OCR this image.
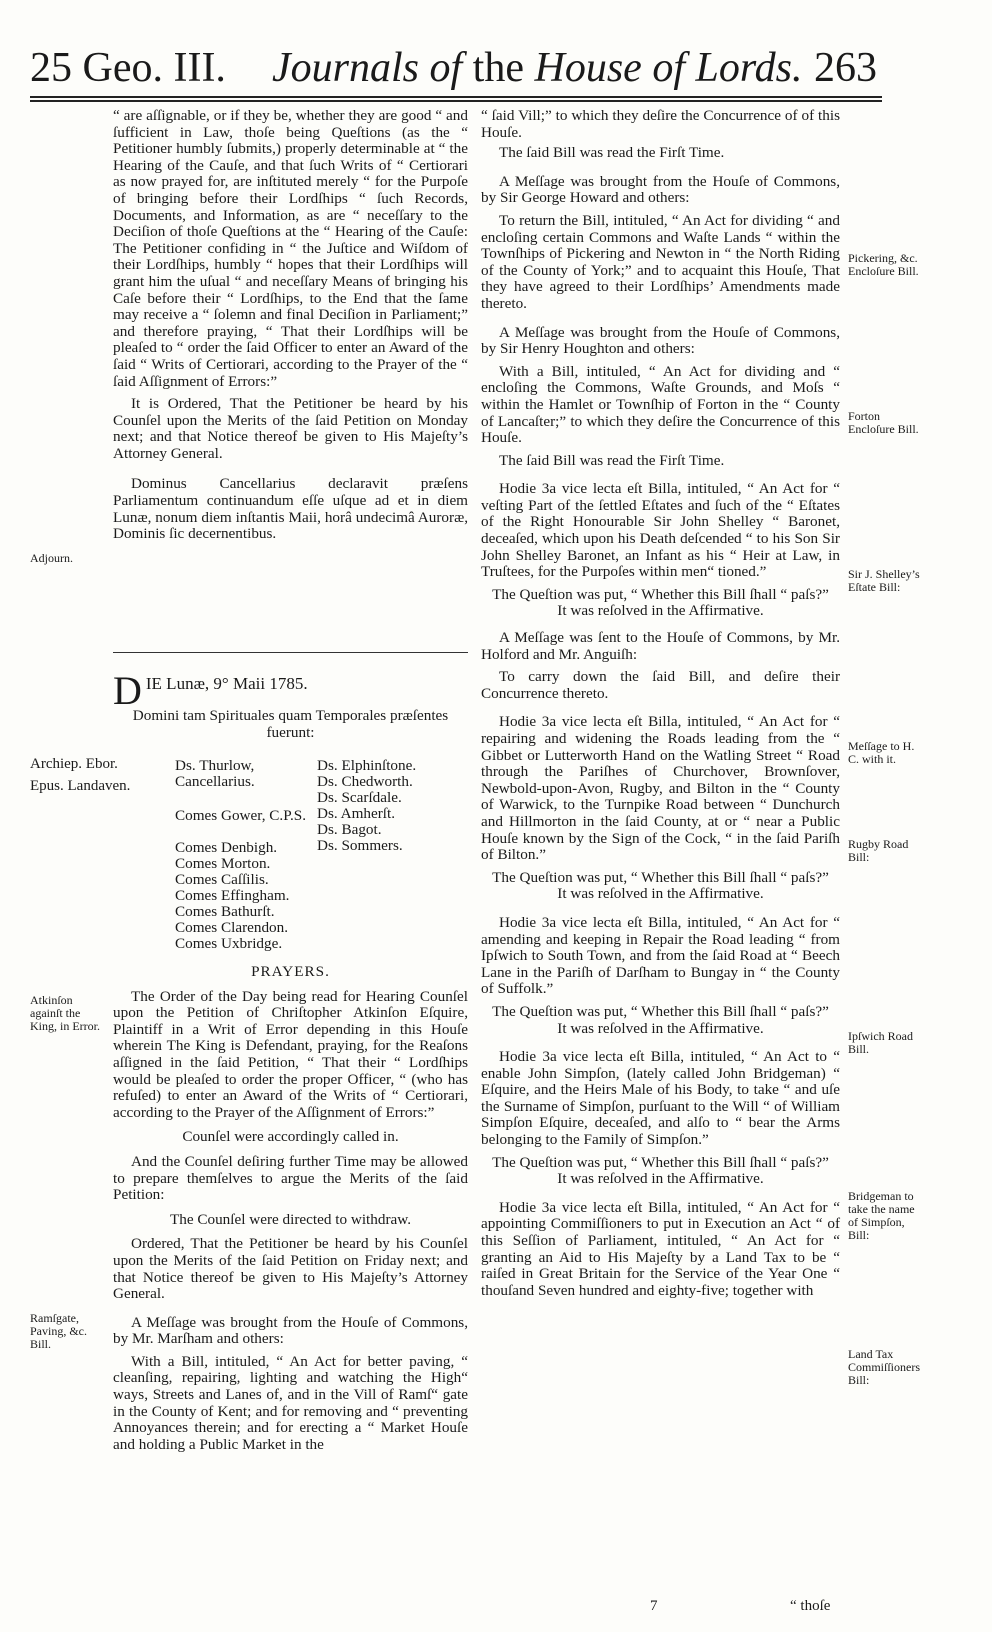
25 Geo. III. Journals of the House of Lords. 263

“ are aſſignable, or if they be, whether they are good “ and ſufficient in Law, thoſe being Queſtions (as the “ Petitioner humbly ſubmits,) properly determinable at “ the Hearing of the Cauſe, and that ſuch Writs of “ Certiorari as now prayed for, are inſtituted merely “ for the Purpoſe of bringing before their Lordſhips “ ſuch Records, Documents, and Information, as are “ neceſſary to the Deciſion of thoſe Queſtions at the “ Hearing of the Cauſe: The Petitioner confiding in “ the Juſtice and Wiſdom of their Lordſhips, humbly “ hopes that their Lordſhips will grant him the uſual “ and neceſſary Means of bringing his Caſe before their “ Lordſhips, to the End that the ſame may receive a “ ſolemn and final Deciſion in Parliament;” and therefore praying, “ That their Lordſhips will be pleaſed to “ order the ſaid Officer to enter an Award of the ſaid “ Writs of Certiorari, according to the Prayer of the “ ſaid Aſſignment of Errors:”

It is Ordered, That the Petitioner be heard by his Counſel upon the Merits of the ſaid Petition on Monday next; and that Notice thereof be given to His Majeſty’s Attorney General.

Dominus Cancellarius declaravit præſens Parliamentum continuandum eſſe uſque ad et in diem Lunæ, nonum diem inſtantis Maii, horâ undecimâ Auroræ, Dominis ſic decernentibus.

DIE Lunæ, 9° Maii 1785.

Domini tam Spirituales quam Temporales præſentes fuerunt:

Archiep. Ebor.
Epus. Landaven.
Ds. Thurlow, Cancellarius.
Comes Gower, C.P.S.
Comes Denbigh.
Comes Morton.
Comes Caſſilis.
Comes Effingham.
Comes Bathurſt.
Comes Clarendon.
Comes Uxbridge.
Ds. Elphinſtone.
Ds. Chedworth.
Ds. Scarſdale.
Ds. Amherſt.
Ds. Bagot.
Ds. Sommers.

PRAYERS.

The Order of the Day being read for Hearing Counſel upon the Petition of Chriſtopher Atkinſon Eſquire, Plaintiff in a Writ of Error depending in this Houſe wherein The King is Defendant, praying, for the Reaſons aſſigned in the ſaid Petition, “ That their “ Lordſhips would be pleaſed to order the proper Officer, “ (who has refuſed) to enter an Award of the Writs of “ Certiorari, according to the Prayer of the Aſſignment of Errors:”

Counſel were accordingly called in.

And the Counſel deſiring further Time may be allowed to prepare themſelves to argue the Merits of the ſaid Petition:

The Counſel were directed to withdraw.

Ordered, That the Petitioner be heard by his Counſel upon the Merits of the ſaid Petition on Friday next; and that Notice thereof be given to His Majeſty’s Attorney General.

A Meſſage was brought from the Houſe of Commons, by Mr. Marſham and others:

With a Bill, intituled, “ An Act for better paving, “ cleanſing, repairing, lighting and watching the High“ ways, Streets and Lanes of, and in the Vill of Ramſ“ gate in the County of Kent; and for removing and “ preventing Annoyances therein; and for erecting a “ Market Houſe and holding a Public Market in the

Adjourn.
Atkinſon againſt the King, in Error.
Ramſgate, Paving, &c. Bill.

“ ſaid Vill;” to which they deſire the Concurrence of of this Houſe.

The ſaid Bill was read the Firſt Time.

A Meſſage was brought from the Houſe of Commons, by Sir George Howard and others:

To return the Bill, intituled, “ An Act for dividing “ and encloſing certain Commons and Waſte Lands “ within the Townſhips of Pickering and Newton in “ the North Riding of the County of York;” and to acquaint this Houſe, That they have agreed to their Lordſhips’ Amendments made thereto.

A Meſſage was brought from the Houſe of Commons, by Sir Henry Houghton and others:

With a Bill, intituled, “ An Act for dividing and “ encloſing the Commons, Waſte Grounds, and Moſs “ within the Hamlet or Townſhip of Forton in the “ County of Lancaſter;” to which they deſire the Concurrence of this Houſe.

The ſaid Bill was read the Firſt Time.

Hodie 3a vice lecta eſt Billa, intituled, “ An Act for “ veſting Part of the ſettled Eſtates and ſuch of the “ Eſtates of the Right Honourable Sir John Shelley “ Baronet, deceaſed, which upon his Death deſcended “ to his Son Sir John Shelley Baronet, an Infant as his “ Heir at Law, in Truſtees, for the Purpoſes within men“ tioned.”

The Queſtion was put, “ Whether this Bill ſhall “ paſs?”

It was reſolved in the Affirmative.

A Meſſage was ſent to the Houſe of Commons, by Mr. Holford and Mr. Anguiſh:

To carry down the ſaid Bill, and deſire their Concurrence thereto.

Hodie 3a vice lecta eſt Billa, intituled, “ An Act for “ repairing and widening the Roads leading from the “ Gibbet or Lutterworth Hand on the Watling Street “ Road through the Pariſhes of Churchover, Brownſover, Newbold-upon-Avon, Rugby, and Bilton in the “ County of Warwick, to the Turnpike Road between “ Dunchurch and Hillmorton in the ſaid County, at or “ near a Public Houſe known by the Sign of the Cock, “ in the ſaid Pariſh of Bilton.”

The Queſtion was put, “ Whether this Bill ſhall “ paſs?”

It was reſolved in the Affirmative.

Hodie 3a vice lecta eſt Billa, intituled, “ An Act for “ amending and keeping in Repair the Road leading “ from Ipſwich to South Town, and from the ſaid Road at “ Beech Lane in the Pariſh of Darſham to Bungay in “ the County of Suffolk.”

The Queſtion was put, “ Whether this Bill ſhall “ paſs?”

It was reſolved in the Affirmative.

Hodie 3a vice lecta eſt Billa, intituled, “ An Act to “ enable John Simpſon, (lately called John Bridgeman) “ Eſquire, and the Heirs Male of his Body, to take “ and uſe the Surname of Simpſon, purſuant to the Will “ of William Simpſon Eſquire, deceaſed, and alſo to “ bear the Arms belonging to the Family of Simpſon.”

The Queſtion was put, “ Whether this Bill ſhall “ paſs?”

It was reſolved in the Affirmative.

Hodie 3a vice lecta eſt Billa, intituled, “ An Act for “ appointing Commiſſioners to put in Execution an Act “ of this Seſſion of Parliament, intituled, “ An Act for “ granting an Aid to His Majeſty by a Land Tax to be “ raiſed in Great Britain for the Service of the Year One “ thouſand Seven hundred and eighty-five; together with

Pickering, &c. Encloſure Bill.
Forton Encloſure Bill.
Sir J. Shelley’s Eſtate Bill:
Meſſage to H. C. with it.
Rugby Road Bill:
Ipſwich Road Bill.
Bridgeman to take the name of Simpſon, Bill:
Land Tax Commiſſioners Bill:
7	“ thoſe
